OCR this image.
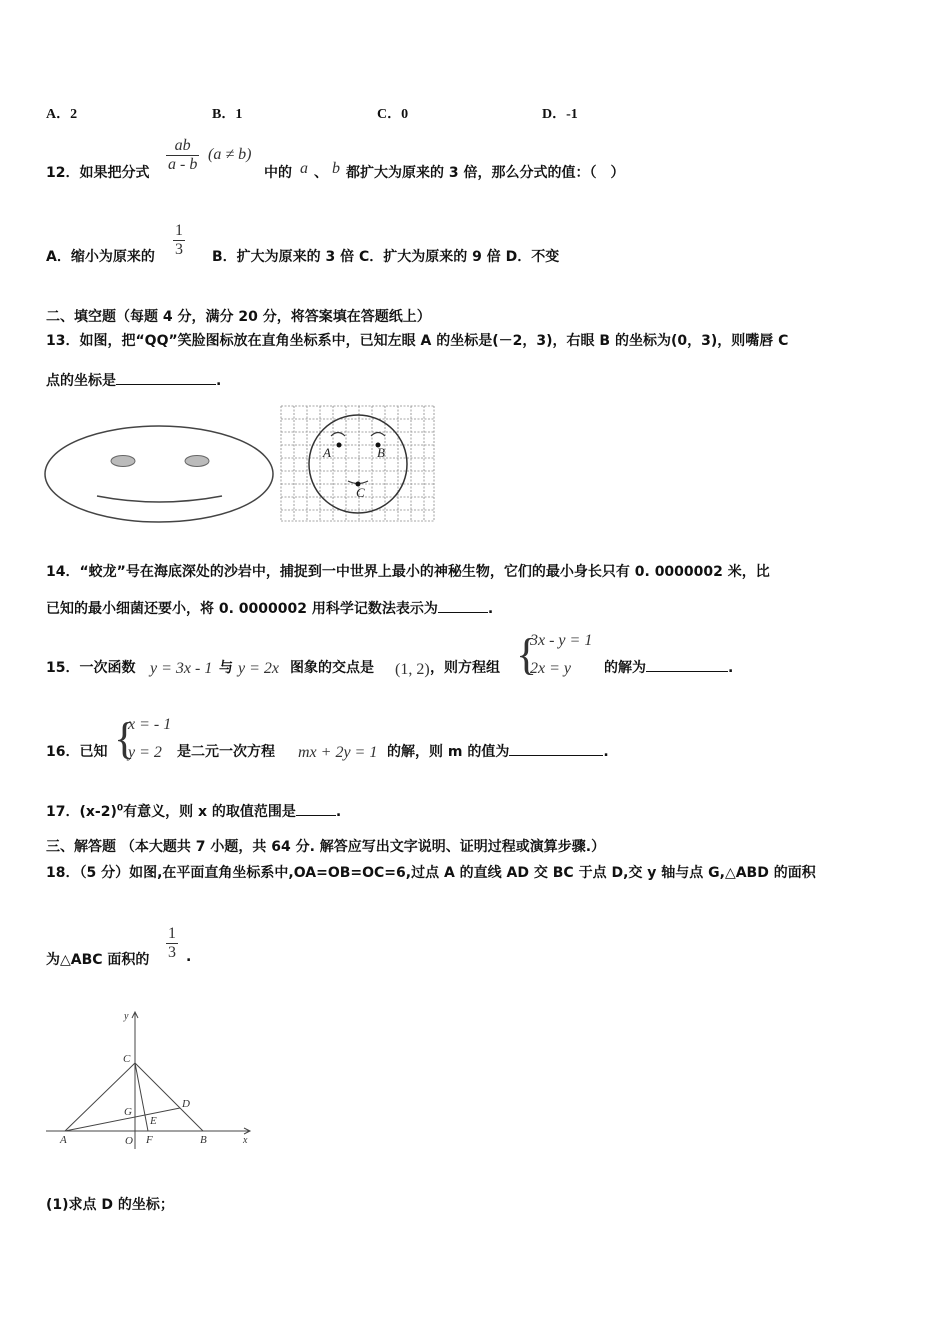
A．2	B．1	C．0	D．-1
12．如果把分式 $\frac{ab}{a - b} (a \ne b)$
中的 a 、 b 都扩大为原来的 3 倍，那么分式的值：（　）
A．缩小为原来的 $\frac{1}{3}$ B．扩大为原来的 3 倍 C．扩大为原来的 9 倍 D．不变
二、填空题（每题 4 分，满分 20 分，将答案填在答题纸上）
13．如图，把“QQ”笑脸图标放在直角坐标系中，已知左眼 A 的坐标是(－2，3)，右眼 B 的坐标为(0，3)，则嘴唇 C
点的坐标是	.
A	B
C
14．“蛟龙”号在海底深处的沙岩中，捕捉到一中世界上最小的神秘生物，它们的最小身长只有 0. 0000002 米，比
已知的最小细菌还要小，将 0. 0000002 用科学记数法表示为	.
15．一次函数 y = 3x - 1 与 y = 2x 图象的交点是 (1, 2) ，则方程组 {
3x - y = 1
2x = y 的解为	.
16．已知 {
x = - 1
y = 2 是二元一次方程 mx + 2y = 1 的解，则 m 的值为	.
17．$(x-2)^0$有意义，则 x 的取值范围是	.
三、解答题 （本大题共 7 小题，共 64 分. 解答应写出文字说明、证明过程或演算步骤.）
18．（5 分）如图,在平面直角坐标系中,OA=OB=OC=6,过点 A 的直线 AD 交 BC 于点 D,交 y 轴与点 G,△ABD 的面积
为△ABC 面积的 $\frac{1}{3}$ .
y
x
C
D
G
E
A	O F	B
(1)求点 D 的坐标；
